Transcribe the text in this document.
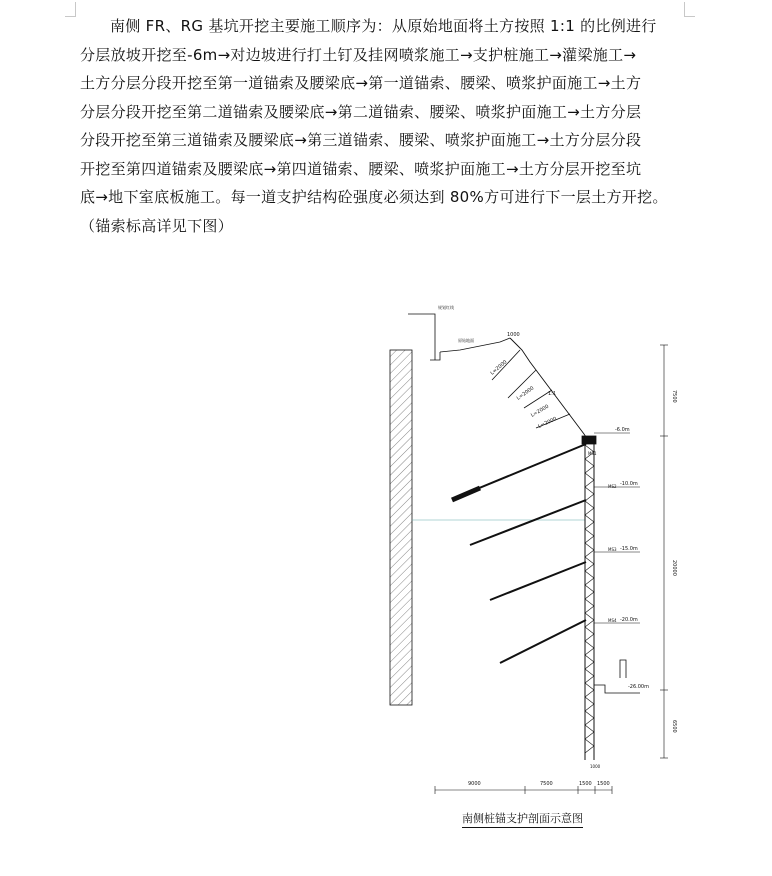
南侧 FR、RG 基坑开挖主要施工顺序为：从原始地面将土方按照 1:1 的比例进行
分层放坡开挖至-6m→对边坡进行打土钉及挂网喷浆施工→支护桩施工→灌梁施工→
土方分层分段开挖至第一道锚索及腰梁底→第一道锚索、腰梁、喷浆护面施工→土方
分层分段开挖至第二道锚索及腰梁底→第二道锚索、腰梁、喷浆护面施工→土方分层
分段开挖至第三道锚索及腰梁底→第三道锚索、腰梁、喷浆护面施工→土方分层分段
开挖至第四道锚索及腰梁底→第四道锚索、腰梁、喷浆护面施工→土方分层开挖至坑
底→地下室底板施工。每一道支护结构砼强度必须达到 80%方可进行下一层土方开挖。
（锚索标高详见下图）

规划红线
原始地面
1000
1:1
L=2000
L=2000
L=2000
L=2000
MS1
MS2
MS3
MS4
-6.0m
-10.0m
-15.0m
-20.0m
-26.00m
7500
20000
6500
1000
9000	7500	1500 1500
南侧桩锚支护剖面示意图
